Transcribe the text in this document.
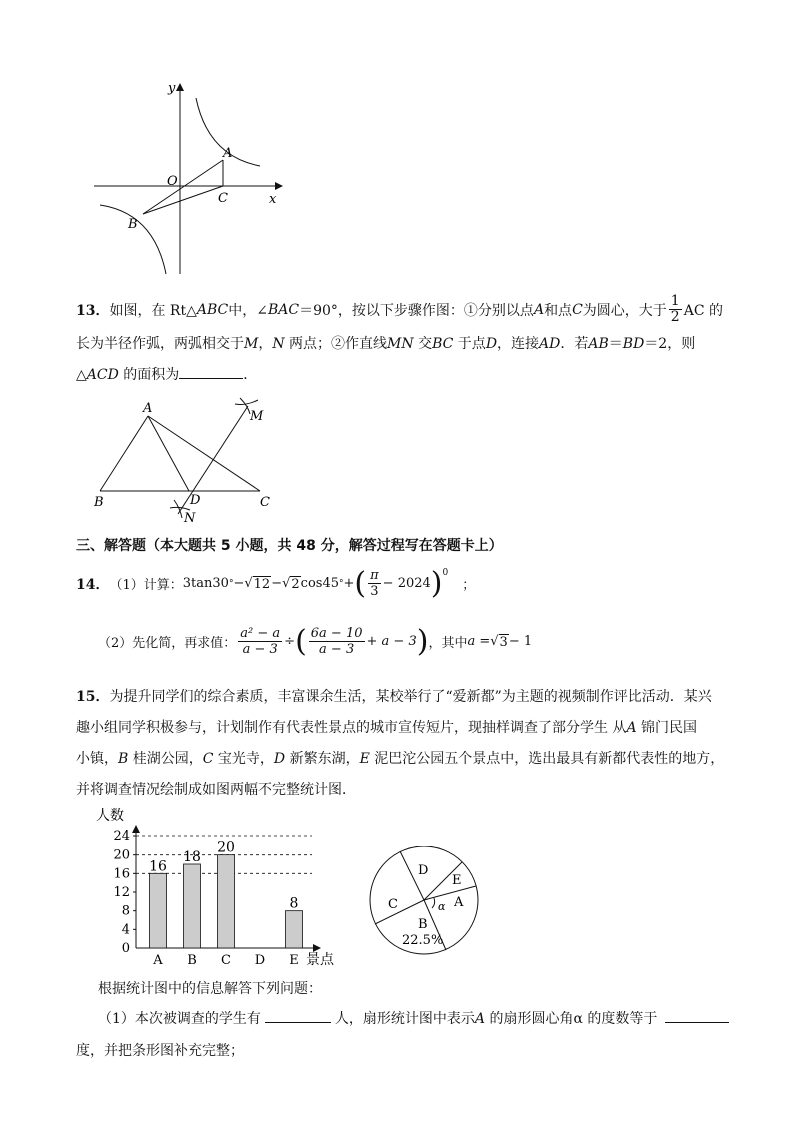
y
x
O
A
B
C
13． 如图，在 Rt△ ABC 中，∠ BAC ＝90°，按以下步骤作图：①分别以点 A 和点 C 为圆心，大于 $\frac{1}{2}$ AC 的
长为半径作弧，两弧相交于M，N 两点；②作直线MN 交BC 于点D，连接AD．若AB＝BD＝2，则
△ACD 的面积为	．
A
B	C
D
M
N
三、解答题（本大题共 5 小题，共 48 分，解答过程写在答题卡上）
14． （1）计算： 3tan30 ° − √ 12 − √ 2 cos45 ° + ( $\frac{\pi}{3} - 2024$ )$^0$
；
（2）先化简，再求值： $\frac{\text{a² − a}}{a - 3}$ ÷ ( $\frac{6a - 10}{a - 3} + a - 3$ ) ，其中 a = √ 3 − 1
15．为提升同学们的综合素质，丰富课余生活，某校举行了“爱新都”为主题的视频制作评比活动．某兴
趣小组同学积极参与，计划制作有代表性景点的城市宣传短片，现抽样调查了部分学生 从A 锦门民国
小镇，B 桂湖公园，C 宝光寺，D 新繁东湖，E 泥巴沱公园五个景点中，选出最具有新都代表性的地方，
并将调查情况绘制成如图两幅不完整统计图．
人数
景点
0
4
8
12
16
20
24
A
16
B
18
C
20
D E
8
D
E
A
α
C
B
22.5%
根据统计图中的信息解答下列问题：
（1）本次被调查的学生有	人，扇形统计图中表示A 的扇形圆心角α 的度数等于
度，并把条形图补充完整；
